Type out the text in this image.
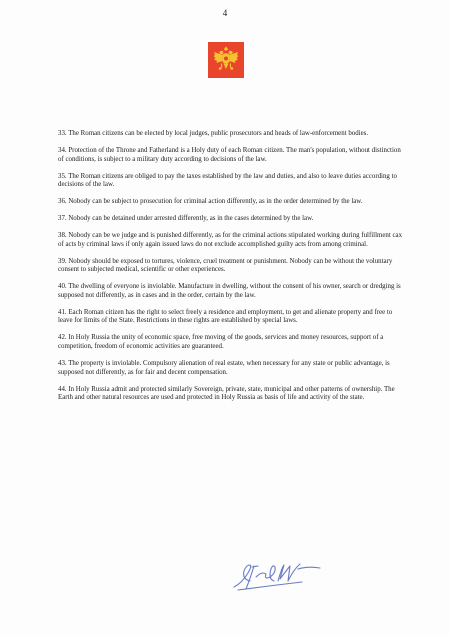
4

33. The Roman citizens can be elected by local judges, public prosecutors and heads of law-enforcement bodies.

34. Protection of the Throne and Fatherland is a Holy duty of each Roman citizen. The man's population, without distinction of conditions, is subject to a military duty according to decisions of the law.

35. The Roman citizens are obliged to pay the taxes established by the law and duties, and also to leave duties according to decisions of the law.

36. Nobody can be subject to prosecution for criminal action differently, as in the order determined by the law.

37. Nobody can be detained under arrested differently, as in the cases determined by the law.

38. Nobody can be we judge and is punished differently, as for the criminal actions stipulated working during fulfillment cах of acts by criminal laws if only again issued laws do not exclude accomplished guilty acts from among criminal.

39. Nobody should be exposed to tortures, violence, cruel treatment or punishment. Nobody can be without the voluntary consent to subjected medical, scientific or other experiences.

40. The dwelling of everyone is inviolable. Manufacture in dwelling, without the consent of his owner, search or dredging is supposed not differently, as in cases and in the order, certain by the law.

41. Each Roman citizen has the right to select freely a residence and employment, to get and alienate property and free to leave for limits of the State. Restrictions in these rights are established by special laws.

42. In Holy Russia the unity of economic space, free moving of the goods, services and money resources, support of a competition, freedom of economic activities are guaranteed.

43. The property is inviolable. Compulsory alienation of real estate, when necessary for any state or public advantage, is supposed not differently, as for fair and decent compensation.

44. In Holy Russia admit and protected similarly Sovereign, private, state, municipal and other patterns of ownership. The Earth and other natural resources are used and protected in Holy Russia as basis of life and activity of the state.
